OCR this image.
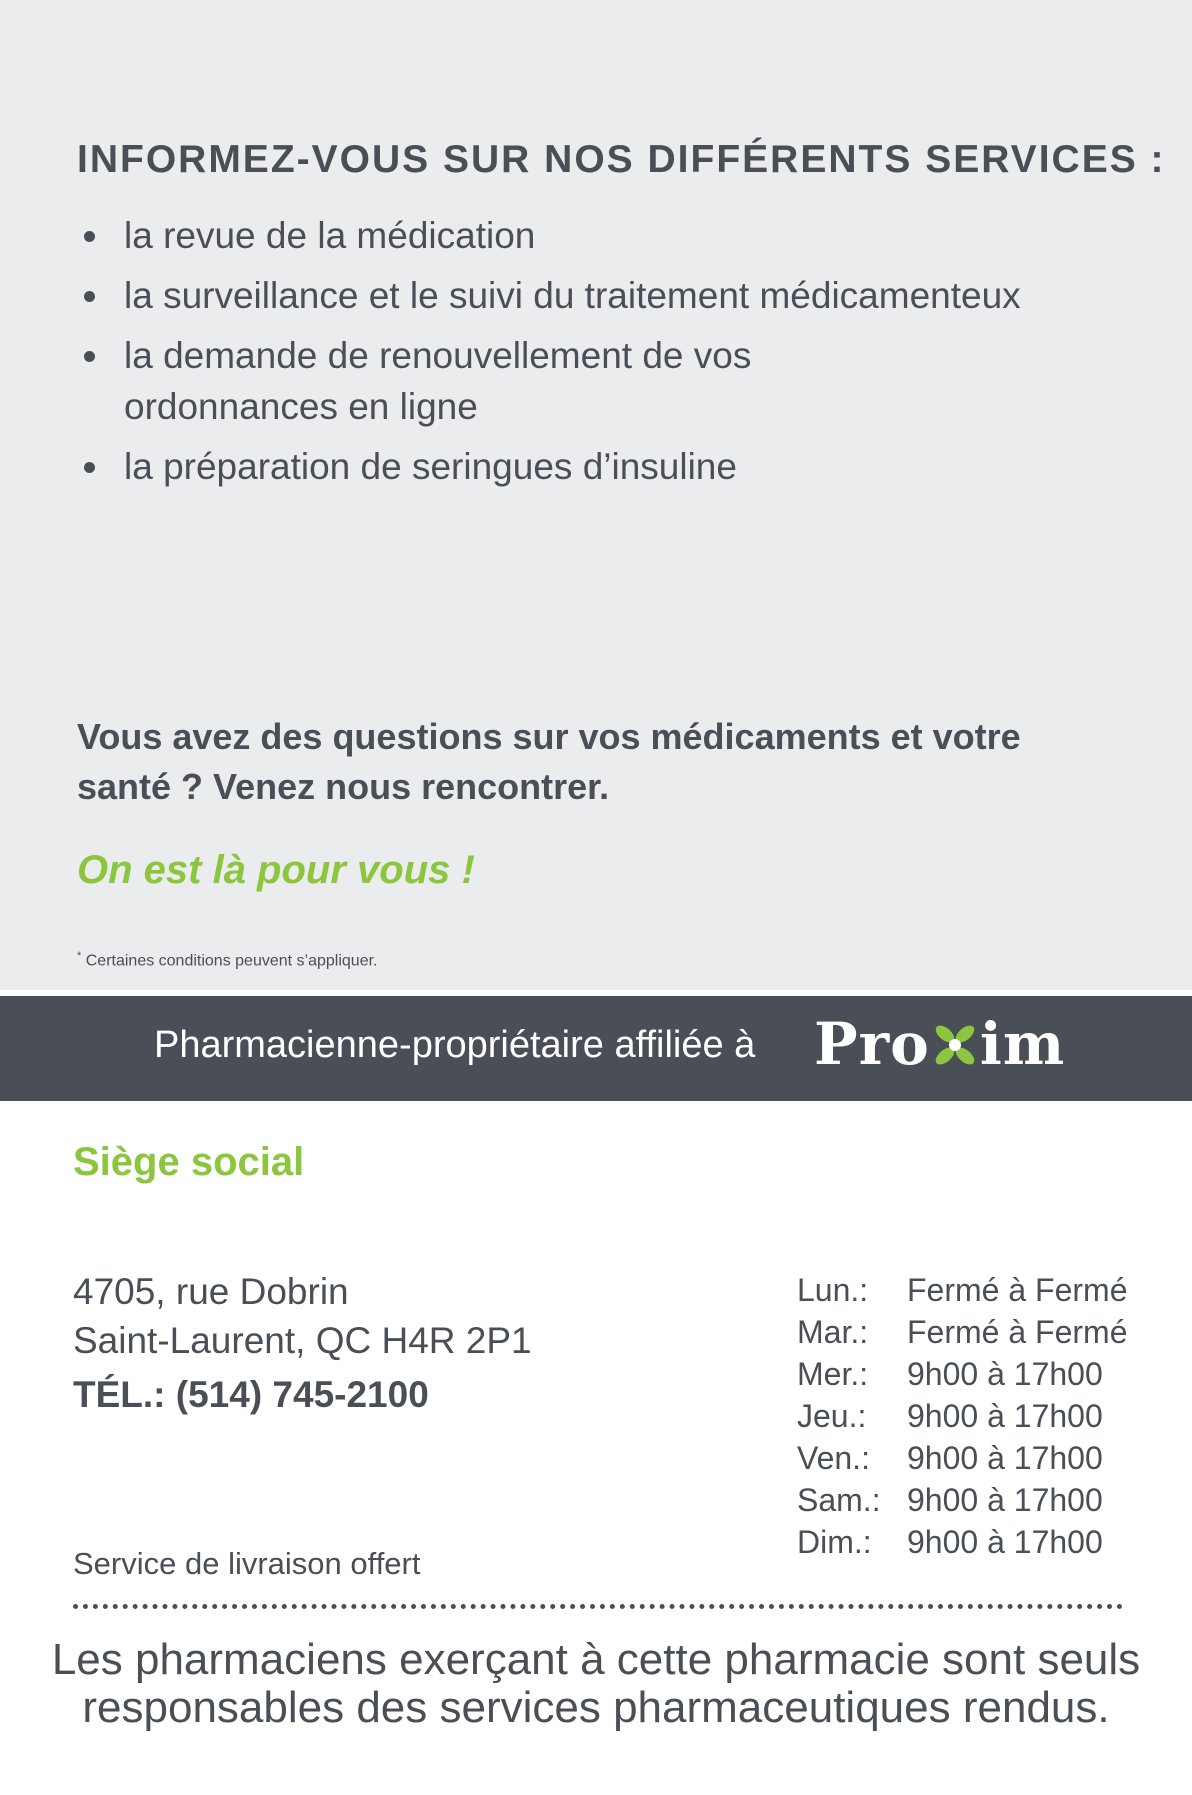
INFORMEZ-VOUS SUR NOS DIFFÉRENTS SERVICES :
la revue de la médication
la surveillance et le suivi du traitement médicamenteux
la demande de renouvellement de vos ordonnances en ligne
la préparation de seringues d’insuline
Vous avez des questions sur vos médicaments et votre santé ? Venez nous rencontrer.
On est là pour vous !
* Certaines conditions peuvent s’appliquer.
Pharmacienne-propriétaire affiliée à Pro im
Siège social
4705, rue Dobrin
Saint-Laurent, QC H4R 2P1
TÉL.: (514) 745-2100
Service de livraison offert
Lun.: Fermé à Fermé
Mar.: Fermé à Fermé
Mer.: 9h00 à 17h00
Jeu.: 9h00 à 17h00
Ven.: 9h00 à 17h00
Sam.: 9h00 à 17h00
Dim.: 9h00 à 17h00
Les pharmaciens exerçant à cette pharmacie sont seuls responsables des services pharmaceutiques rendus.
